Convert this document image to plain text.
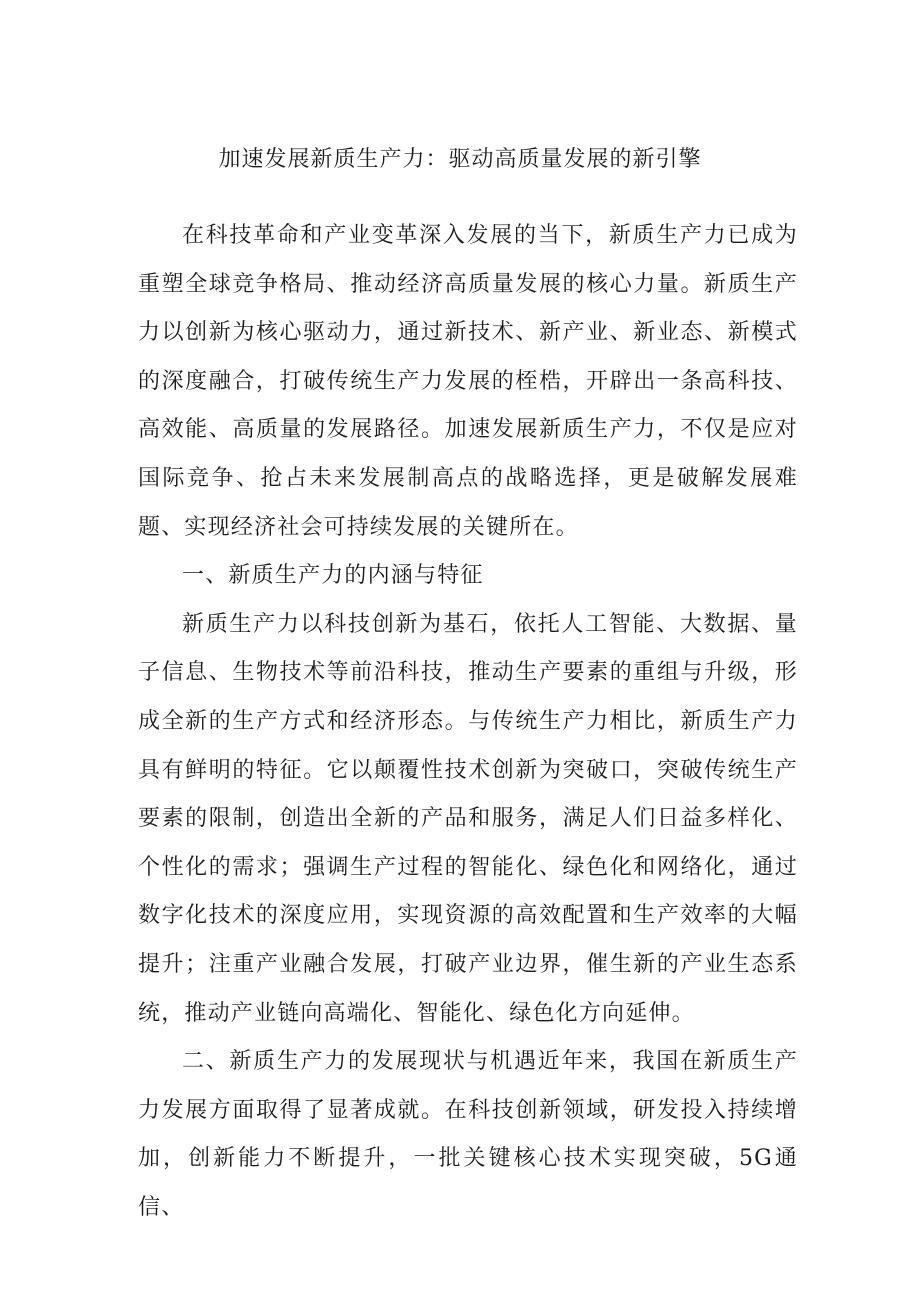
加速发展新质生产力：驱动高质量发展的新引擎

在科技革命和产业变革深入发展的当下，新质生产力已成为重塑全球竞争格局、推动经济高质量发展的核心力量。新质生产力以创新为核心驱动力，通过新技术、新产业、新业态、新模式的深度融合，打破传统生产力发展的桎梏，开辟出一条高科技、高效能、高质量的发展路径。加速发展新质生产力，不仅是应对国际竞争、抢占未来发展制高点的战略选择，更是破解发展难题、实现经济社会可持续发展的关键所在。

一、新质生产力的内涵与特征

新质生产力以科技创新为基石，依托人工智能、大数据、量子信息、生物技术等前沿科技，推动生产要素的重组与升级，形成全新的生产方式和经济形态。与传统生产力相比，新质生产力具有鲜明的特征。它以颠覆性技术创新为突破口，突破传统生产要素的限制，创造出全新的产品和服务，满足人们日益多样化、个性化的需求；强调生产过程的智能化、绿色化和网络化，通过数字化技术的深度应用，实现资源的高效配置和生产效率的大幅提升；注重产业融合发展，打破产业边界，催生新的产业生态系统，推动产业链向高端化、智能化、绿色化方向延伸。

二、新质生产力的发展现状与机遇近年来，我国在新质生产力发展方面取得了显著成就。在科技创新领域，研发投入持续增加，创新能力不断提升，一批关键核心技术实现突破，5G通信、
